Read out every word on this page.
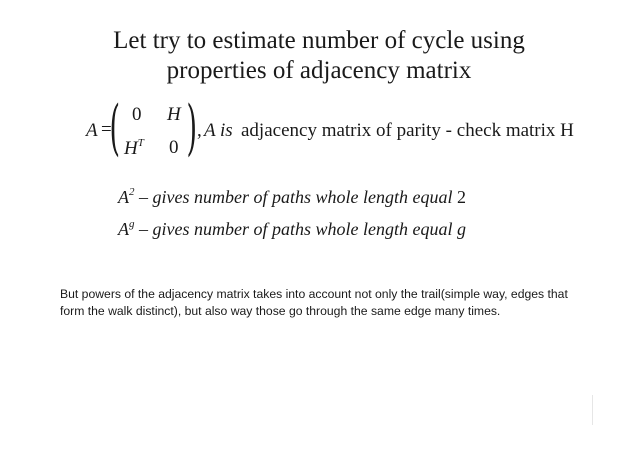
Let try to estimate number of cycle using
properties of adjacency matrix
A =
( 0 H
$H^T$ 0 ) , A is adjacency matrix of parity - check matrix H
$A^2$ – gives number of paths whole length equal 2
$A^g$ – gives number of paths whole length equal g
But powers of the adjacency matrix takes into account not only the trail(simple way, edges that form the walk distinct), but also way those go through the same edge many times.
